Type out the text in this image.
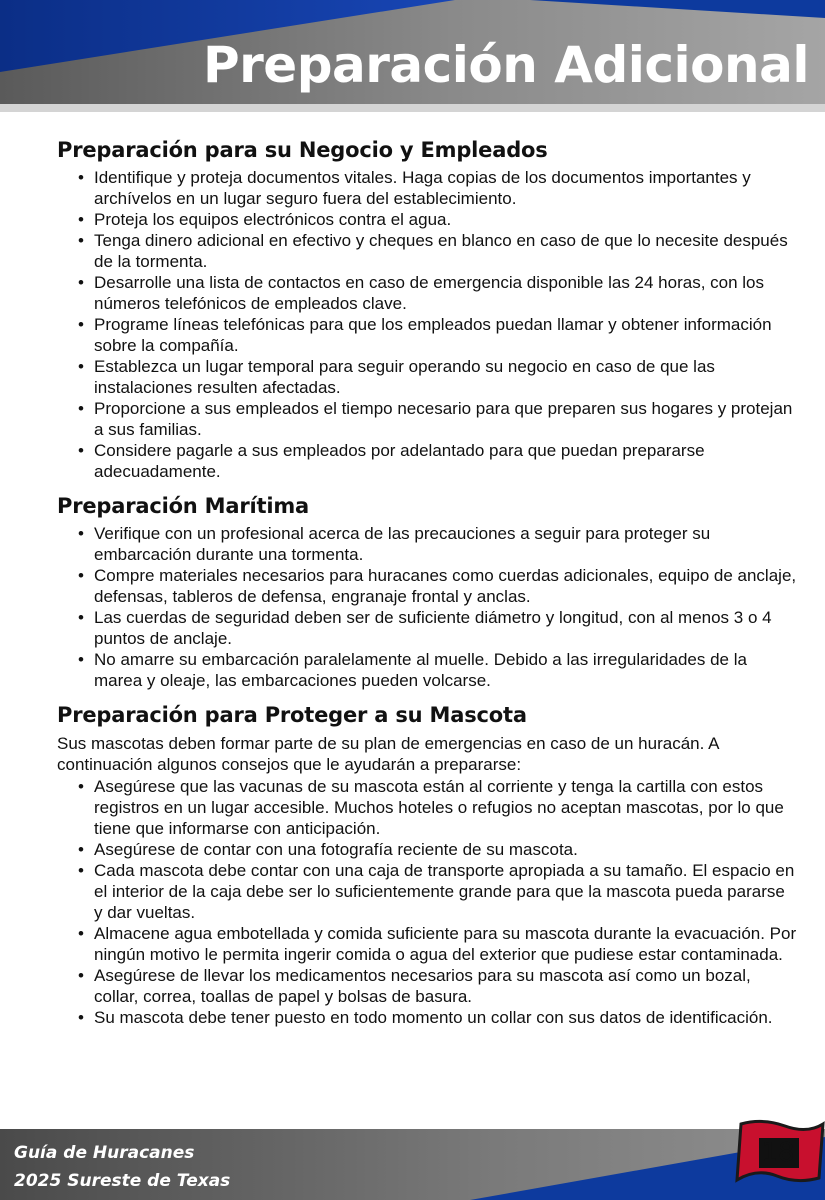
Preparación Adicional
Preparación para su Negocio y Empleados
• Identifique y proteja documentos vitales. Haga copias de los documentos importantes y archívelos en un lugar seguro fuera del establecimiento.
• Proteja los equipos electrónicos contra el agua.
• Tenga dinero adicional en efectivo y cheques en blanco en caso de que lo necesite después de la tormenta.
• Desarrolle una lista de contactos en caso de emergencia disponible las 24 horas, con los números telefónicos de empleados clave.
• Programe líneas telefónicas para que los empleados puedan llamar y obtener información sobre la compañía.
• Establezca un lugar temporal para seguir operando su negocio en caso de que las instalaciones resulten afectadas.
• Proporcione a sus empleados el tiempo necesario para que preparen sus hogares y protejan a sus familias.
• Considere pagarle a sus empleados por adelantado para que puedan prepararse adecuadamente.
Preparación Marítima
• Verifique con un profesional acerca de las precauciones a seguir para proteger su embarcación durante una tormenta.
• Compre materiales necesarios para huracanes como cuerdas adicionales, equipo de anclaje, defensas, tableros de defensa, engranaje frontal y anclas.
• Las cuerdas de seguridad deben ser de suficiente diámetro y longitud, con al menos 3 o 4 puntos de anclaje.
• No amarre su embarcación paralelamente al muelle. Debido a las irregularidades de la marea y oleaje, las embarcaciones pueden volcarse.
Preparación para Proteger a su Mascota

Sus mascotas deben formar parte de su plan de emergencias en caso de un huracán. A continuación algunos consejos que le ayudarán a prepararse:

• Asegúrese que las vacunas de su mascota están al corriente y tenga la cartilla con estos registros en un lugar accesible. Muchos hoteles o refugios no aceptan mascotas, por lo que tiene que informarse con anticipación.
• Asegúrese de contar con una fotografía reciente de su mascota.
• Cada mascota debe contar con una caja de transporte apropiada a su tamaño. El espacio en el interior de la caja debe ser lo suficientemente grande para que la mascota pueda pararse y dar vueltas.
• Almacene agua embotellada y comida suficiente para su mascota durante la evacuación. Por ningún motivo le permita ingerir comida o agua del exterior que pudiese estar contaminada.
• Asegúrese de llevar los medicamentos necesarios para su mascota así como un bozal, collar, correa, toallas de papel y bolsas de basura.
• Su mascota debe tener puesto en todo momento un collar con sus datos de identificación.
Guía de Huracanes
2025 Sureste de Texas
18
